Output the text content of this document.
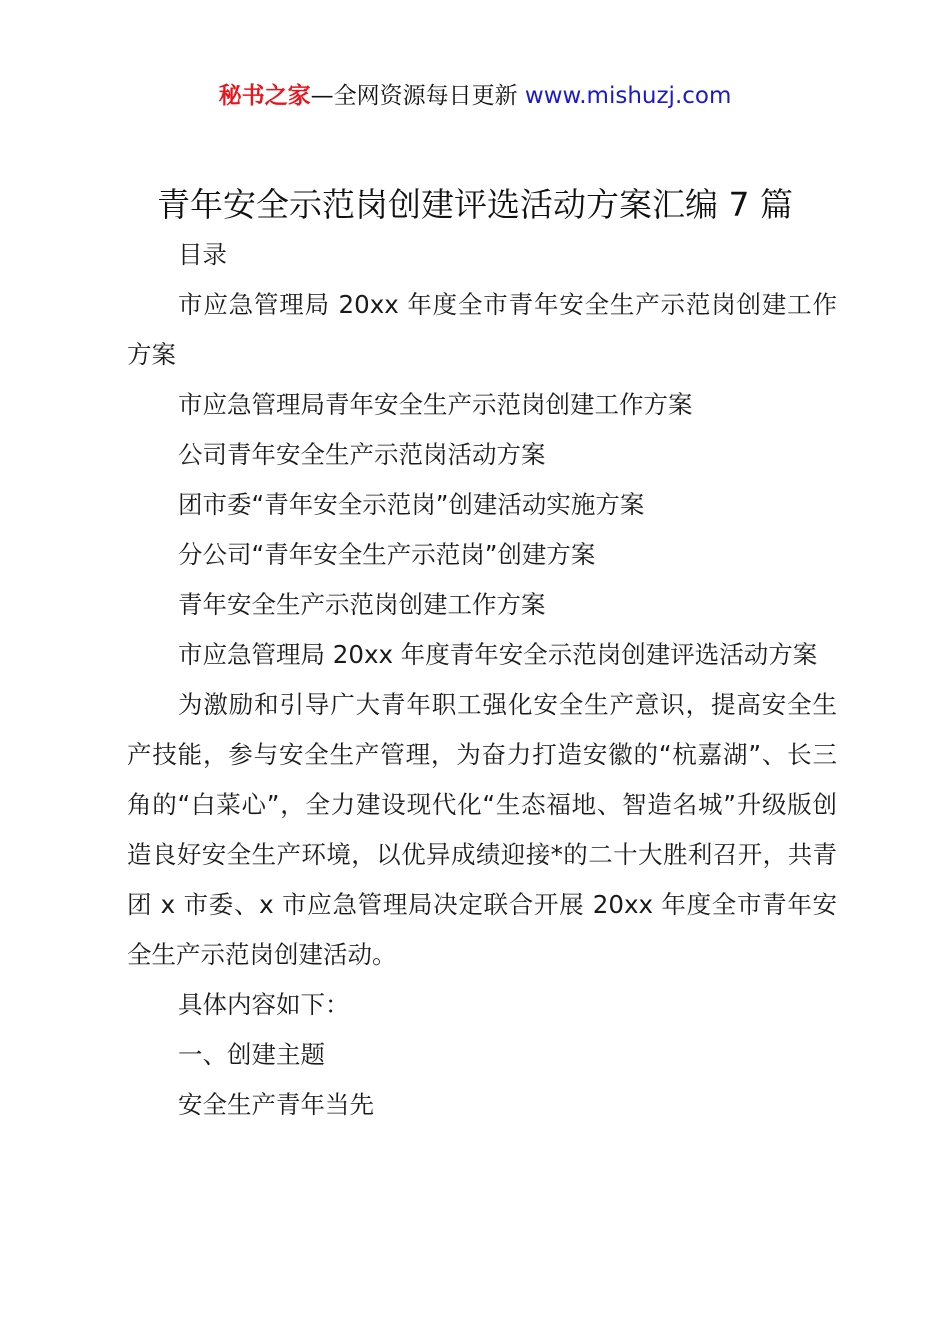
秘书之家—全网资源每日更新 www.mishuzj.com
青年安全示范岗创建评选活动方案汇编 7 篇

目录

市应急管理局 20xx 年度全市青年安全生产示范岗创建工作方案

市应急管理局青年安全生产示范岗创建工作方案

公司青年安全生产示范岗活动方案

团市委“青年安全示范岗”创建活动实施方案

分公司“青年安全生产示范岗”创建方案

青年安全生产示范岗创建工作方案

市应急管理局 20xx 年度青年安全示范岗创建评选活动方案

为激励和引导广大青年职工强化安全生产意识，提高安全生产技能，参与安全生产管理，为奋力打造安徽的“杭嘉湖”、长三角的“白菜心”，全力建设现代化“生态福地、智造名城”升级版创造良好安全生产环境，以优异成绩迎接*的二十大胜利召开，共青团 x 市委、x 市应急管理局决定联合开展 20xx 年度全市青年安全生产示范岗创建活动。

具体内容如下：

一、创建主题

安全生产青年当先
